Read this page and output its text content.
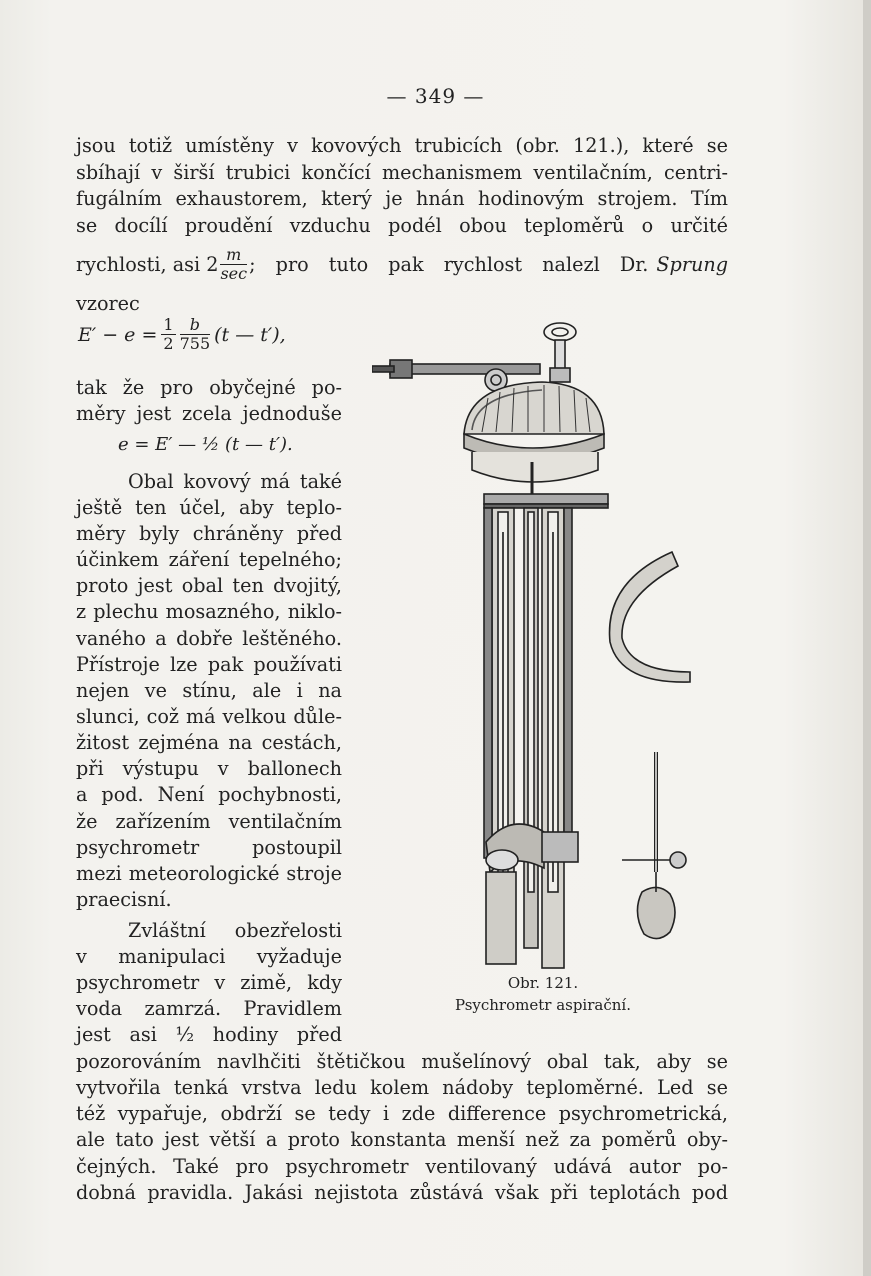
— 349 —
jsou totiž umístěny v kovových trubicích (obr. 121.), které se
sbíhají v širší trubici končící mechanismem ventilačním, centri-
fugálním exhaustorem, který je hnán hodinovým strojem. Tím
se docílí proudění vzduchu podél obou teploměrů o určité
rychlosti, asi $2 \frac{m}{\sec}$ ; pro tuto pak rychlost nalezl Dr. Sprung
vzorec
$E' - e = \frac{1}{2} \frac{b}{755} (t$ — t′),
tak že pro obyčejné po-
měry jest zcela jednoduše
e = E′ — ½ (t — t′).
Obal kovový má také
ještě ten účel, aby teplo-
měry byly chráněny před
účinkem záření tepelného;
proto jest obal ten dvojitý,
z plechu mosazného, niklo-
vaného a dobře leštěného.
Přístroje lze pak používati
nejen ve stínu, ale i na
slunci, což má velkou důle-
žitost zejména na cestách,
při výstupu v ballonech
a pod. Není pochybnosti,
že zařízením ventilačním
psychrometr postoupil
mezi meteorologické stroje
praecisní.
Zvláštní obezřelosti
v manipulaci vyžaduje
psychrometr v zimě, kdy
voda zamrzá. Pravidlem
jest asi ½ hodiny před
pozorováním navlhčiti štětičkou mušelínový obal tak, aby se
vytvořila tenká vrstva ledu kolem nádoby teploměrné. Led se
též vypařuje, obdrží se tedy i zde difference psychrometrická,
ale tato jest větší a proto konstanta menší než za poměrů oby-
čejných. Také pro psychrometr ventilovaný udává autor po-
dobná pravidla. Jakási nejistota zůstává však při teplotách pod
Obr. 121.
Psychrometr aspirační.
